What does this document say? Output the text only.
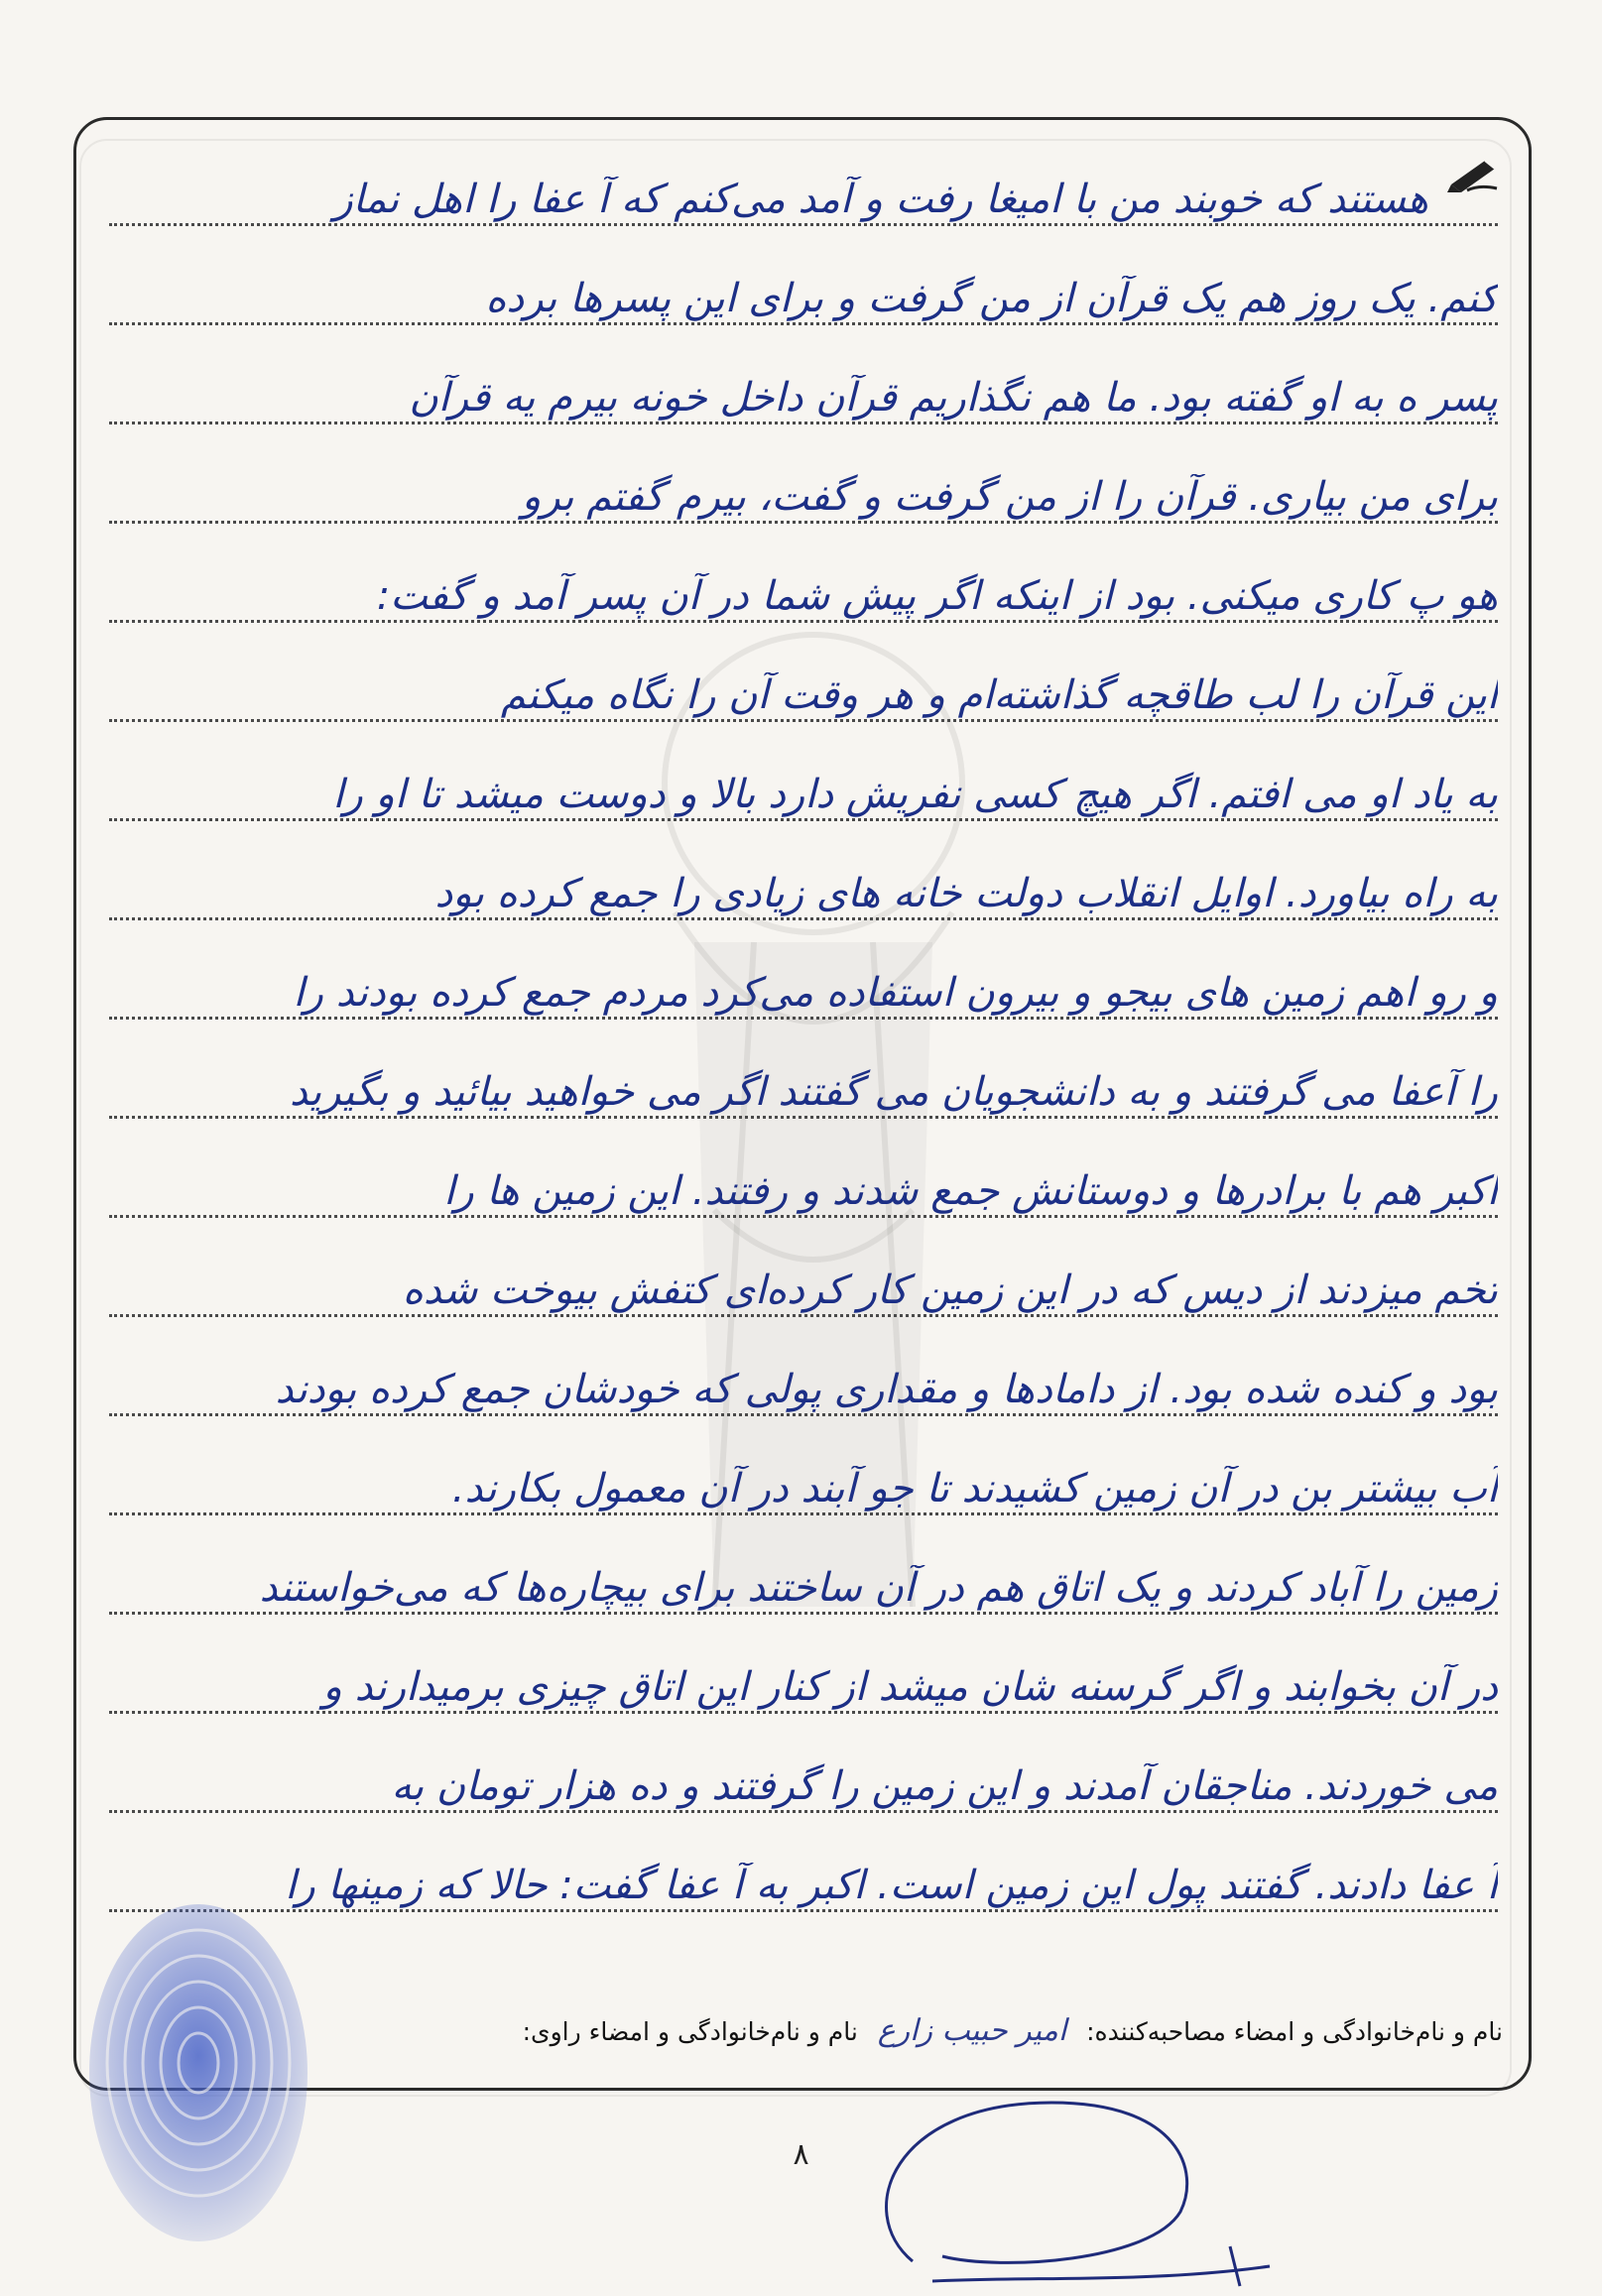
هستند که خوبند من با امیغا رفت و آمد می‌کنم که آ عفا را اهل نماز
کنم. یک روز هم یک قرآن از من گرفت و برای این پسرها برده
پسر ه به او گفته بود. ما هم نگذاریم قرآن داخل خونه بیرم یه قرآن
برای من بیاری. قرآن را از من گرفت و گفت، بیرم گفتم برو
هو پ کاری میکنی. بود از اینکه اگر پیش شما در آن پسر آمد و گفت:
این قرآن را لب طاقچه گذاشته‌ام و هر وقت آن را نگاه میکنم
به یاد او می افتم. اگر هیچ کسی نفریش دارد بالا و دوست میشد تا او را
به راه بیاورد. اوایل انقلاب دولت خانه های زیادی را جمع کرده بود
و رو اهم زمین های بیجو و بیرون استفاده می‌کرد مردم جمع کرده بودند را
را آعفا می گرفتند و به دانشجویان می گفتند اگر می خواهید بیائید و بگیرید
اکبر هم با برادرها و دوستانش جمع شدند و رفتند. این زمین ها را
تخم میزدند از دیس که در این زمین کار کرده‌ای کتفش بیوخت شده
بود و کنده شده بود. از دامادها و مقداری پولی که خودشان جمع کرده بودند
آب بیشتر بن در آن زمین کشیدند تا جو آبند در آن معمول بکارند.
زمین را آباد کردند و یک اتاق هم در آن ساختند برای بیچاره‌ها که می‌خواستند
در آن بخوابند و اگر گرسنه شان میشد از کنار این اتاق چیزی برمیدارند و
می خوردند. مناجقان آمدند و این زمین را گرفتند و ده هزار تومان به
آ عفا دادند. گفتند پول این زمین است. اکبر به آ عفا گفت: حالا که زمینها را
نام و نام‌خانوادگی و امضاء مصاحبه‌کننده: امیر حبیب زارع نام و نام‌خانوادگی و امضاء راوی:
۸
